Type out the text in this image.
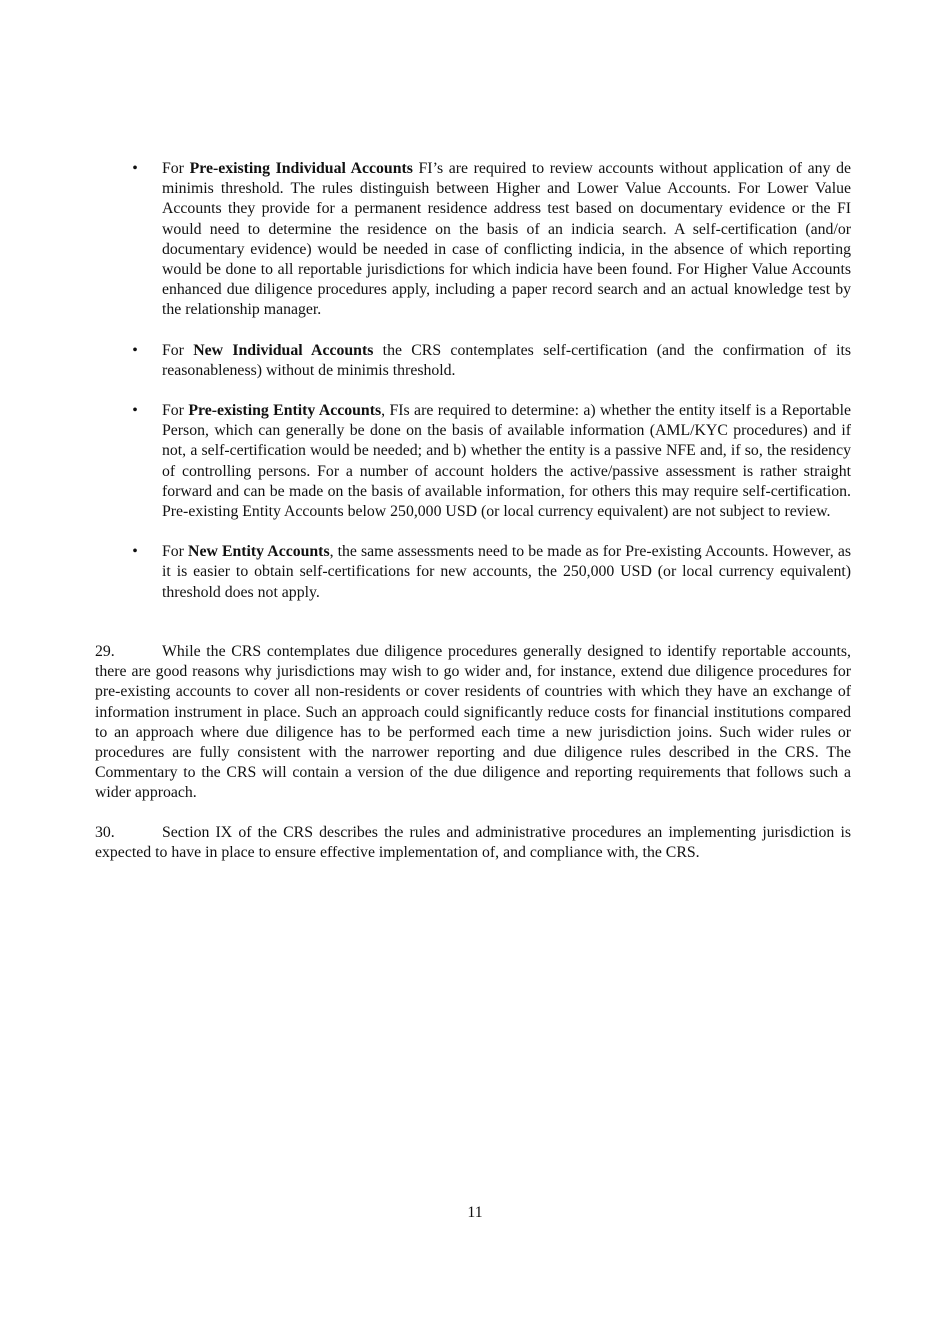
• For Pre-existing Individual Accounts FI’s are required to review accounts without application of any de minimis threshold. The rules distinguish between Higher and Lower Value Accounts. For Lower Value Accounts they provide for a permanent residence address test based on documentary evidence or the FI would need to determine the residence on the basis of an indicia search. A self-certification (and/or documentary evidence) would be needed in case of conflicting indicia, in the absence of which reporting would be done to all reportable jurisdictions for which indicia have been found. For Higher Value Accounts enhanced due diligence procedures apply, including a paper record search and an actual knowledge test by the relationship manager.
• For New Individual Accounts the CRS contemplates self-certification (and the confirmation of its reasonableness) without de minimis threshold.
• For Pre-existing Entity Accounts, FIs are required to determine: a) whether the entity itself is a Reportable Person, which can generally be done on the basis of available information (AML/KYC procedures) and if not, a self-certification would be needed; and b) whether the entity is a passive NFE and, if so, the residency of controlling persons. For a number of account holders the active/passive assessment is rather straight forward and can be made on the basis of available information, for others this may require self-certification. Pre-existing Entity Accounts below 250,000 USD (or local currency equivalent) are not subject to review.
• For New Entity Accounts, the same assessments need to be made as for Pre-existing Accounts. However, as it is easier to obtain self-certifications for new accounts, the 250,000 USD (or local currency equivalent) threshold does not apply.

29.	While the CRS contemplates due diligence procedures generally designed to identify reportable accounts, there are good reasons why jurisdictions may wish to go wider and, for instance, extend due diligence procedures for pre-existing accounts to cover all non-residents or cover residents of countries with which they have an exchange of information instrument in place. Such an approach could significantly reduce costs for financial institutions compared to an approach where due diligence has to be performed each time a new jurisdiction joins. Such wider rules or procedures are fully consistent with the narrower reporting and due diligence rules described in the CRS. The Commentary to the CRS will contain a version of the due diligence and reporting requirements that follows such a wider approach.

30.	Section IX of the CRS describes the rules and administrative procedures an implementing jurisdiction is expected to have in place to ensure effective implementation of, and compliance with, the CRS.

11
